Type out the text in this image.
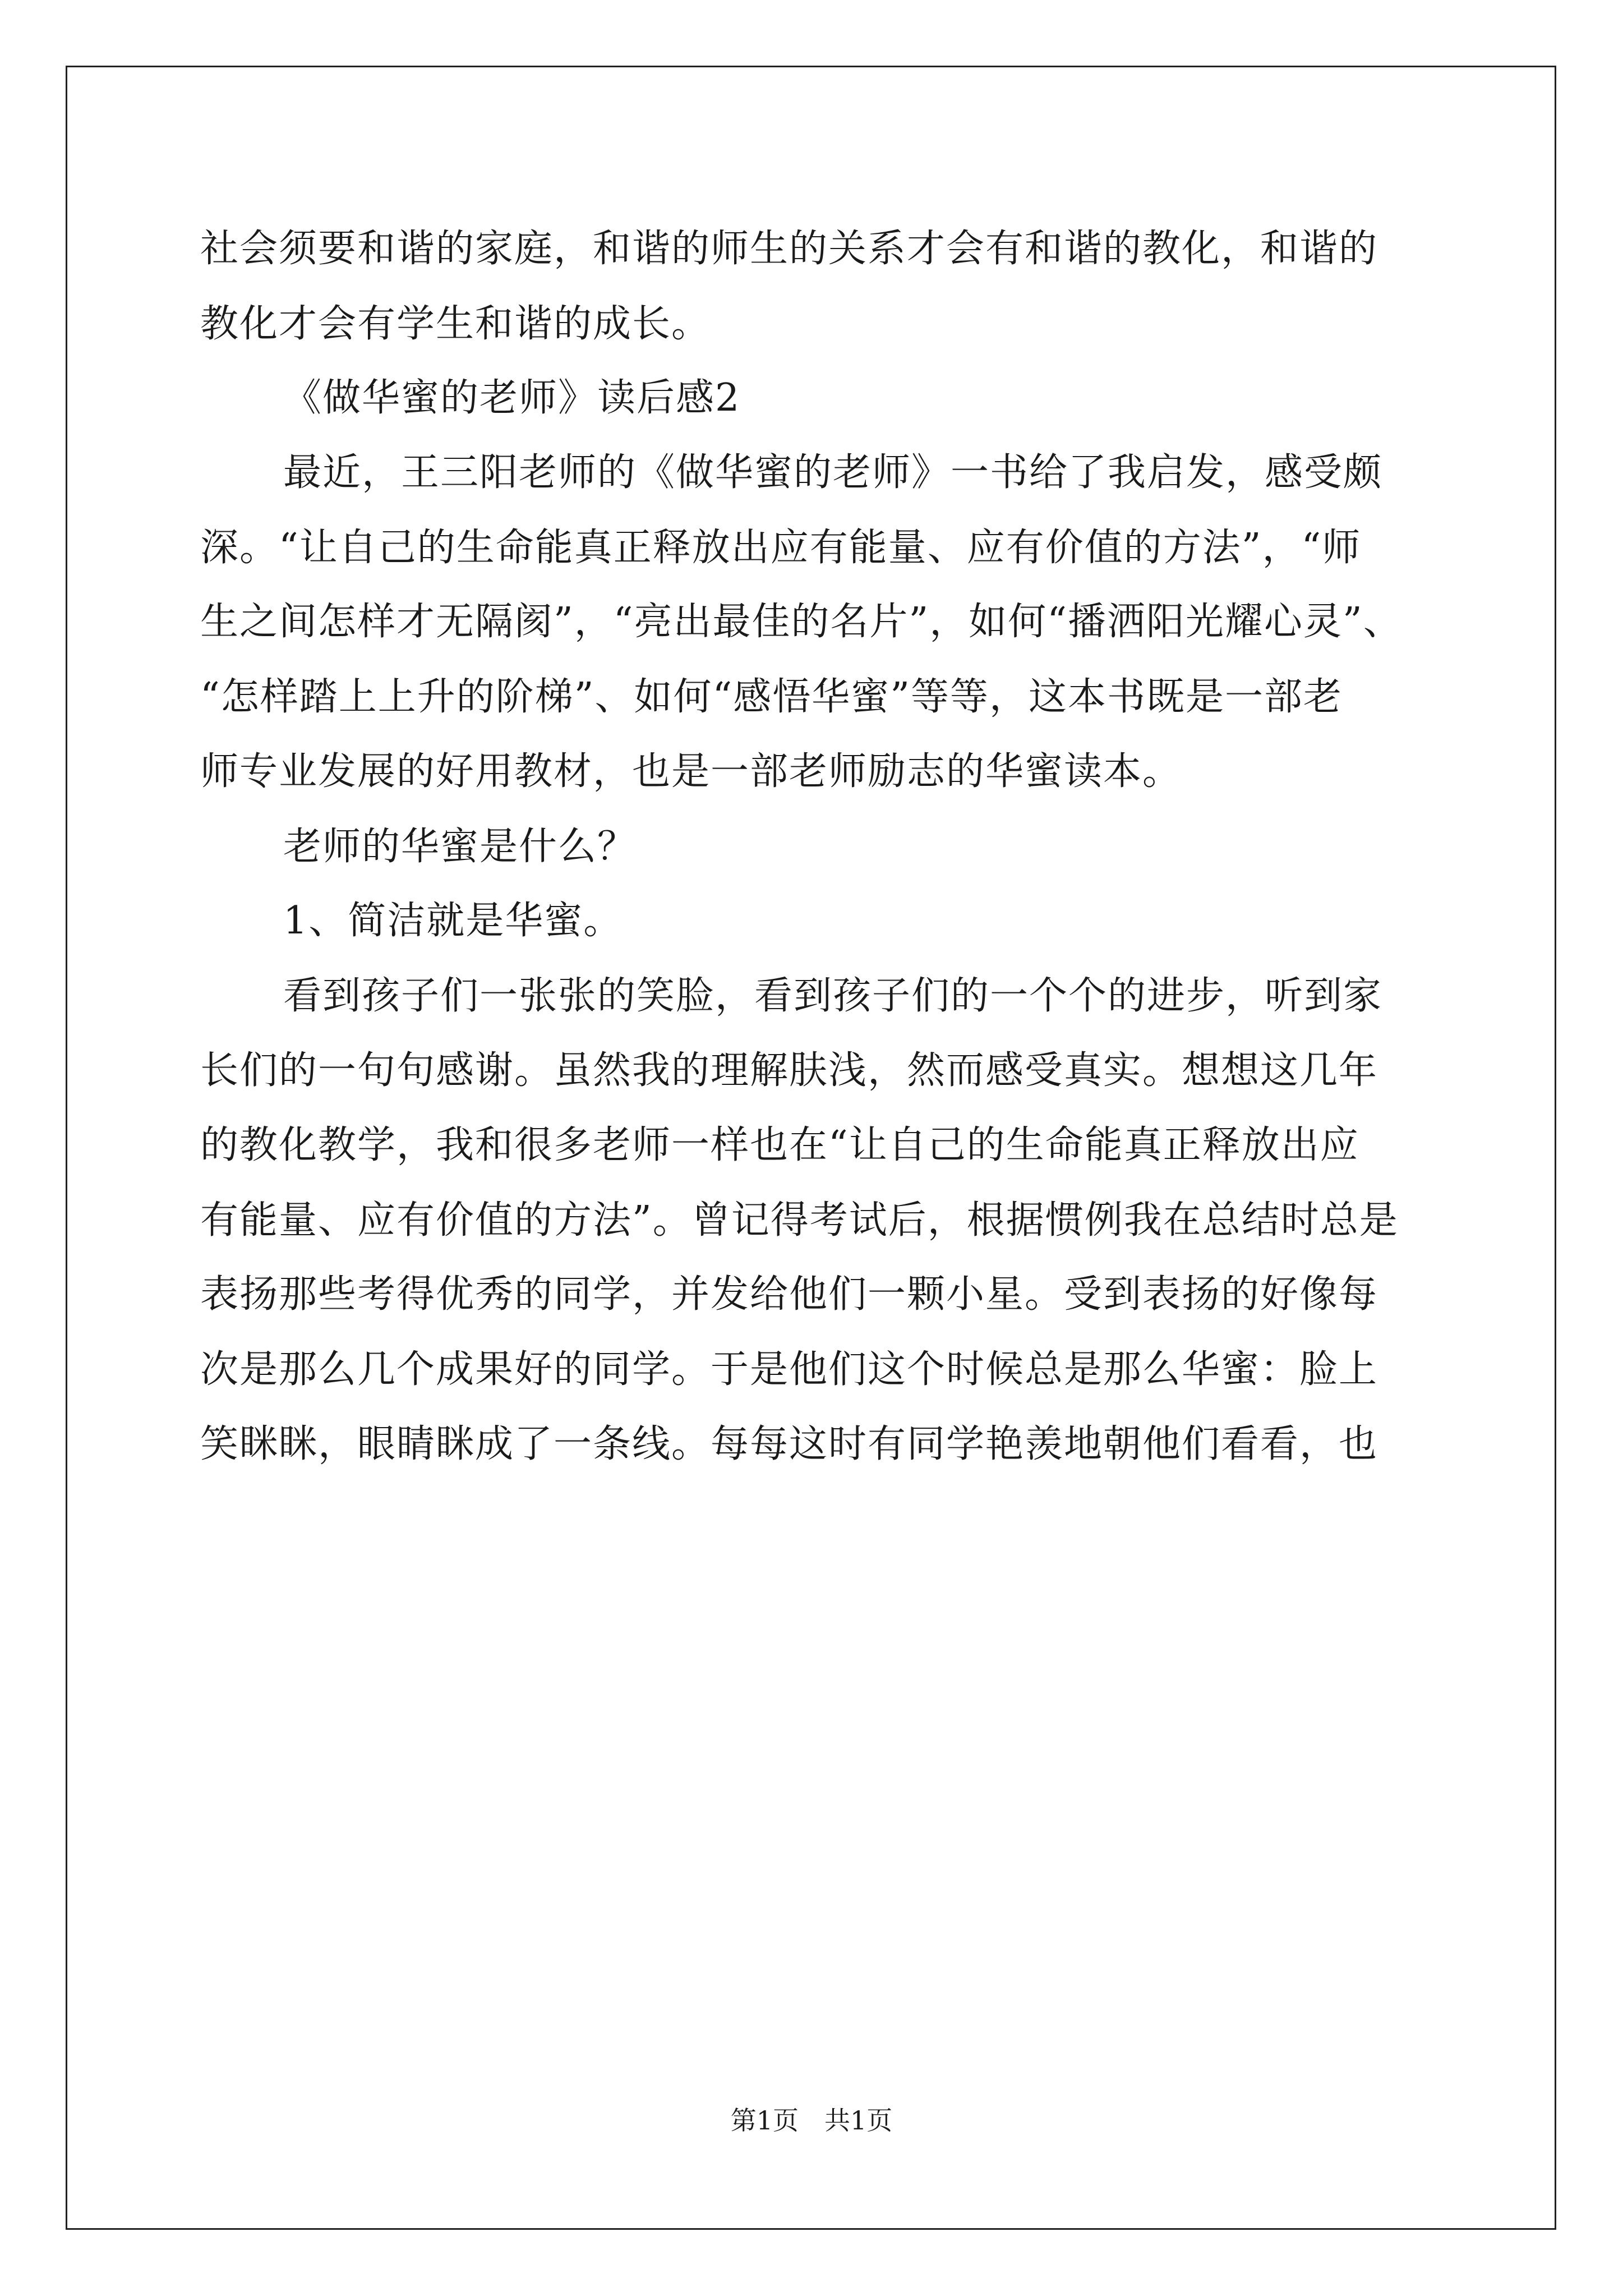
社会须要和谐的家庭，和谐的师生的关系才会有和谐的教化，和谐的
教化才会有学生和谐的成长。
《做华蜜的老师》读后感2
最近，王三阳老师的《做华蜜的老师》一书给了我启发，感受颇
深。“让自己的生命能真正释放出应有能量、应有价值的方法”，“师
生之间怎样才无隔阂”，“亮出最佳的名片”，如何“播洒阳光耀心灵”、
“怎样踏上上升的阶梯”、如何“感悟华蜜”等等，这本书既是一部老
师专业发展的好用教材，也是一部老师励志的华蜜读本。
老师的华蜜是什么？
1、简洁就是华蜜。
看到孩子们一张张的笑脸，看到孩子们的一个个的进步，听到家
长们的一句句感谢。虽然我的理解肤浅，然而感受真实。想想这几年
的教化教学，我和很多老师一样也在“让自己的生命能真正释放出应
有能量、应有价值的方法”。曾记得考试后，根据惯例我在总结时总是
表扬那些考得优秀的同学，并发给他们一颗小星。受到表扬的好像每
次是那么几个成果好的同学。于是他们这个时候总是那么华蜜：脸上
笑眯眯，眼睛眯成了一条线。每每这时有同学艳羡地朝他们看看，也
第1页　共1页
